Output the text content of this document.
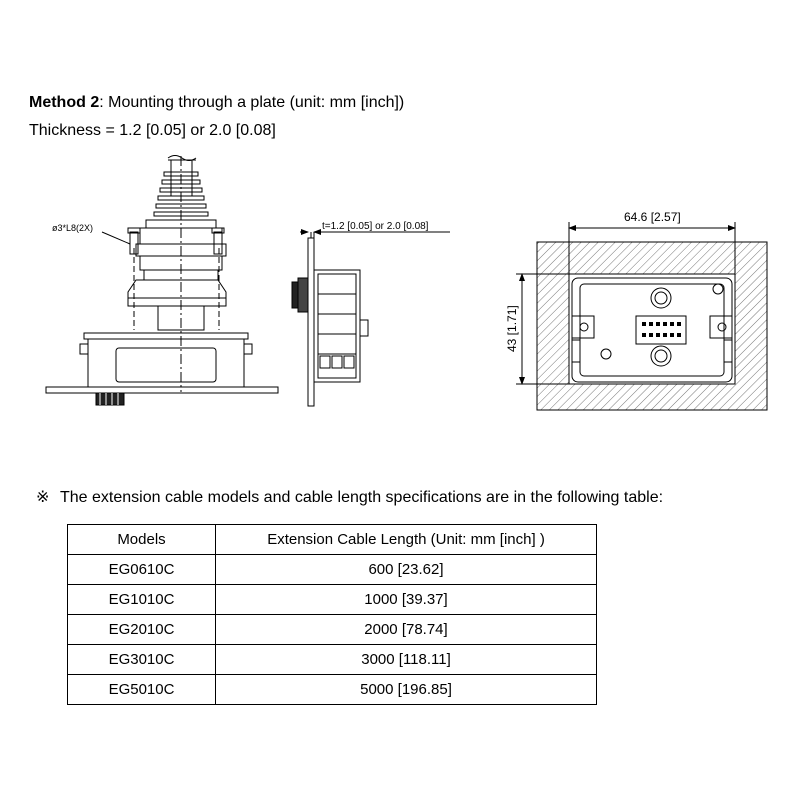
Method 2: Mounting through a plate (unit: mm [inch])
Thickness = 1.2 [0.05] or 2.0 [0.08]
ø3*L8(2X)	t=1.2 [0.05] or 2.0 [0.08]
64.6 [2.57]
43 [1.71]
※ The extension cable models and cable length specifications are in the following table:
Models	Extension Cable Length (Unit: mm [inch] )
EG0610C	600 [23.62]
EG1010C	1000 [39.37]
EG2010C	2000 [78.74]
EG3010C	3000 [118.11]
EG5010C	5000 [196.85]
